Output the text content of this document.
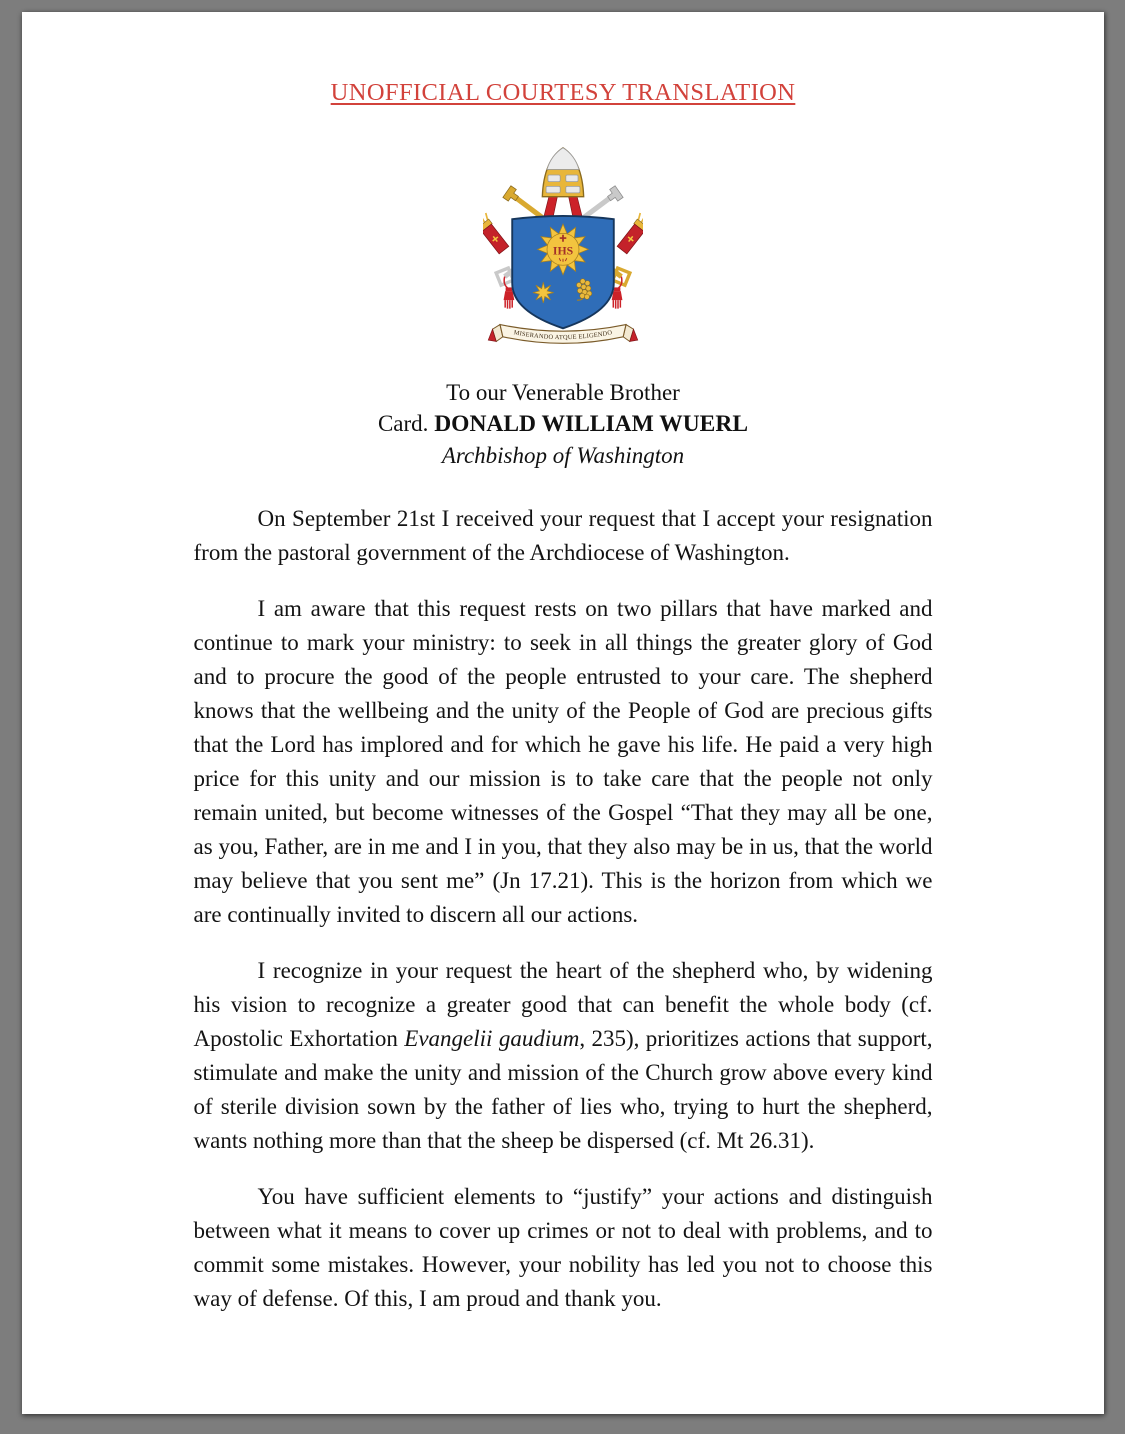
UNOFFICIAL COURTESY TRANSLATION
IHS
MISERANDO ATQUE ELIGENDO

To our Venerable Brother

Card. DONALD WILLIAM WUERL

Archbishop of Washington

On September 21st I received your request that I accept your resignation from the pastoral government of the Archdiocese of Washington.

I am aware that this request rests on two pillars that have marked and continue to mark your ministry: to seek in all things the greater glory of God and to procure the good of the people entrusted to your care. The shepherd knows that the wellbeing and the unity of the People of God are precious gifts that the Lord has implored and for which he gave his life. He paid a very high price for this unity and our mission is to take care that the people not only remain united, but become witnesses of the Gospel “That they may all be one, as you, Father, are in me and I in you, that they also may be in us, that the world may believe that you sent me” (Jn 17.21). This is the horizon from which we are continually invited to discern all our actions.

I recognize in your request the heart of the shepherd who, by widening his vision to recognize a greater good that can benefit the whole body (cf. Apostolic Exhortation Evangelii gaudium, 235), prioritizes actions that support, stimulate and make the unity and mission of the Church grow above every kind of sterile division sown by the father of lies who, trying to hurt the shepherd, wants nothing more than that the sheep be dispersed (cf. Mt 26.31).

You have sufficient elements to “justify” your actions and distinguish between what it means to cover up crimes or not to deal with problems, and to commit some mistakes. However, your nobility has led you not to choose this way of defense. Of this, I am proud and thank you.
